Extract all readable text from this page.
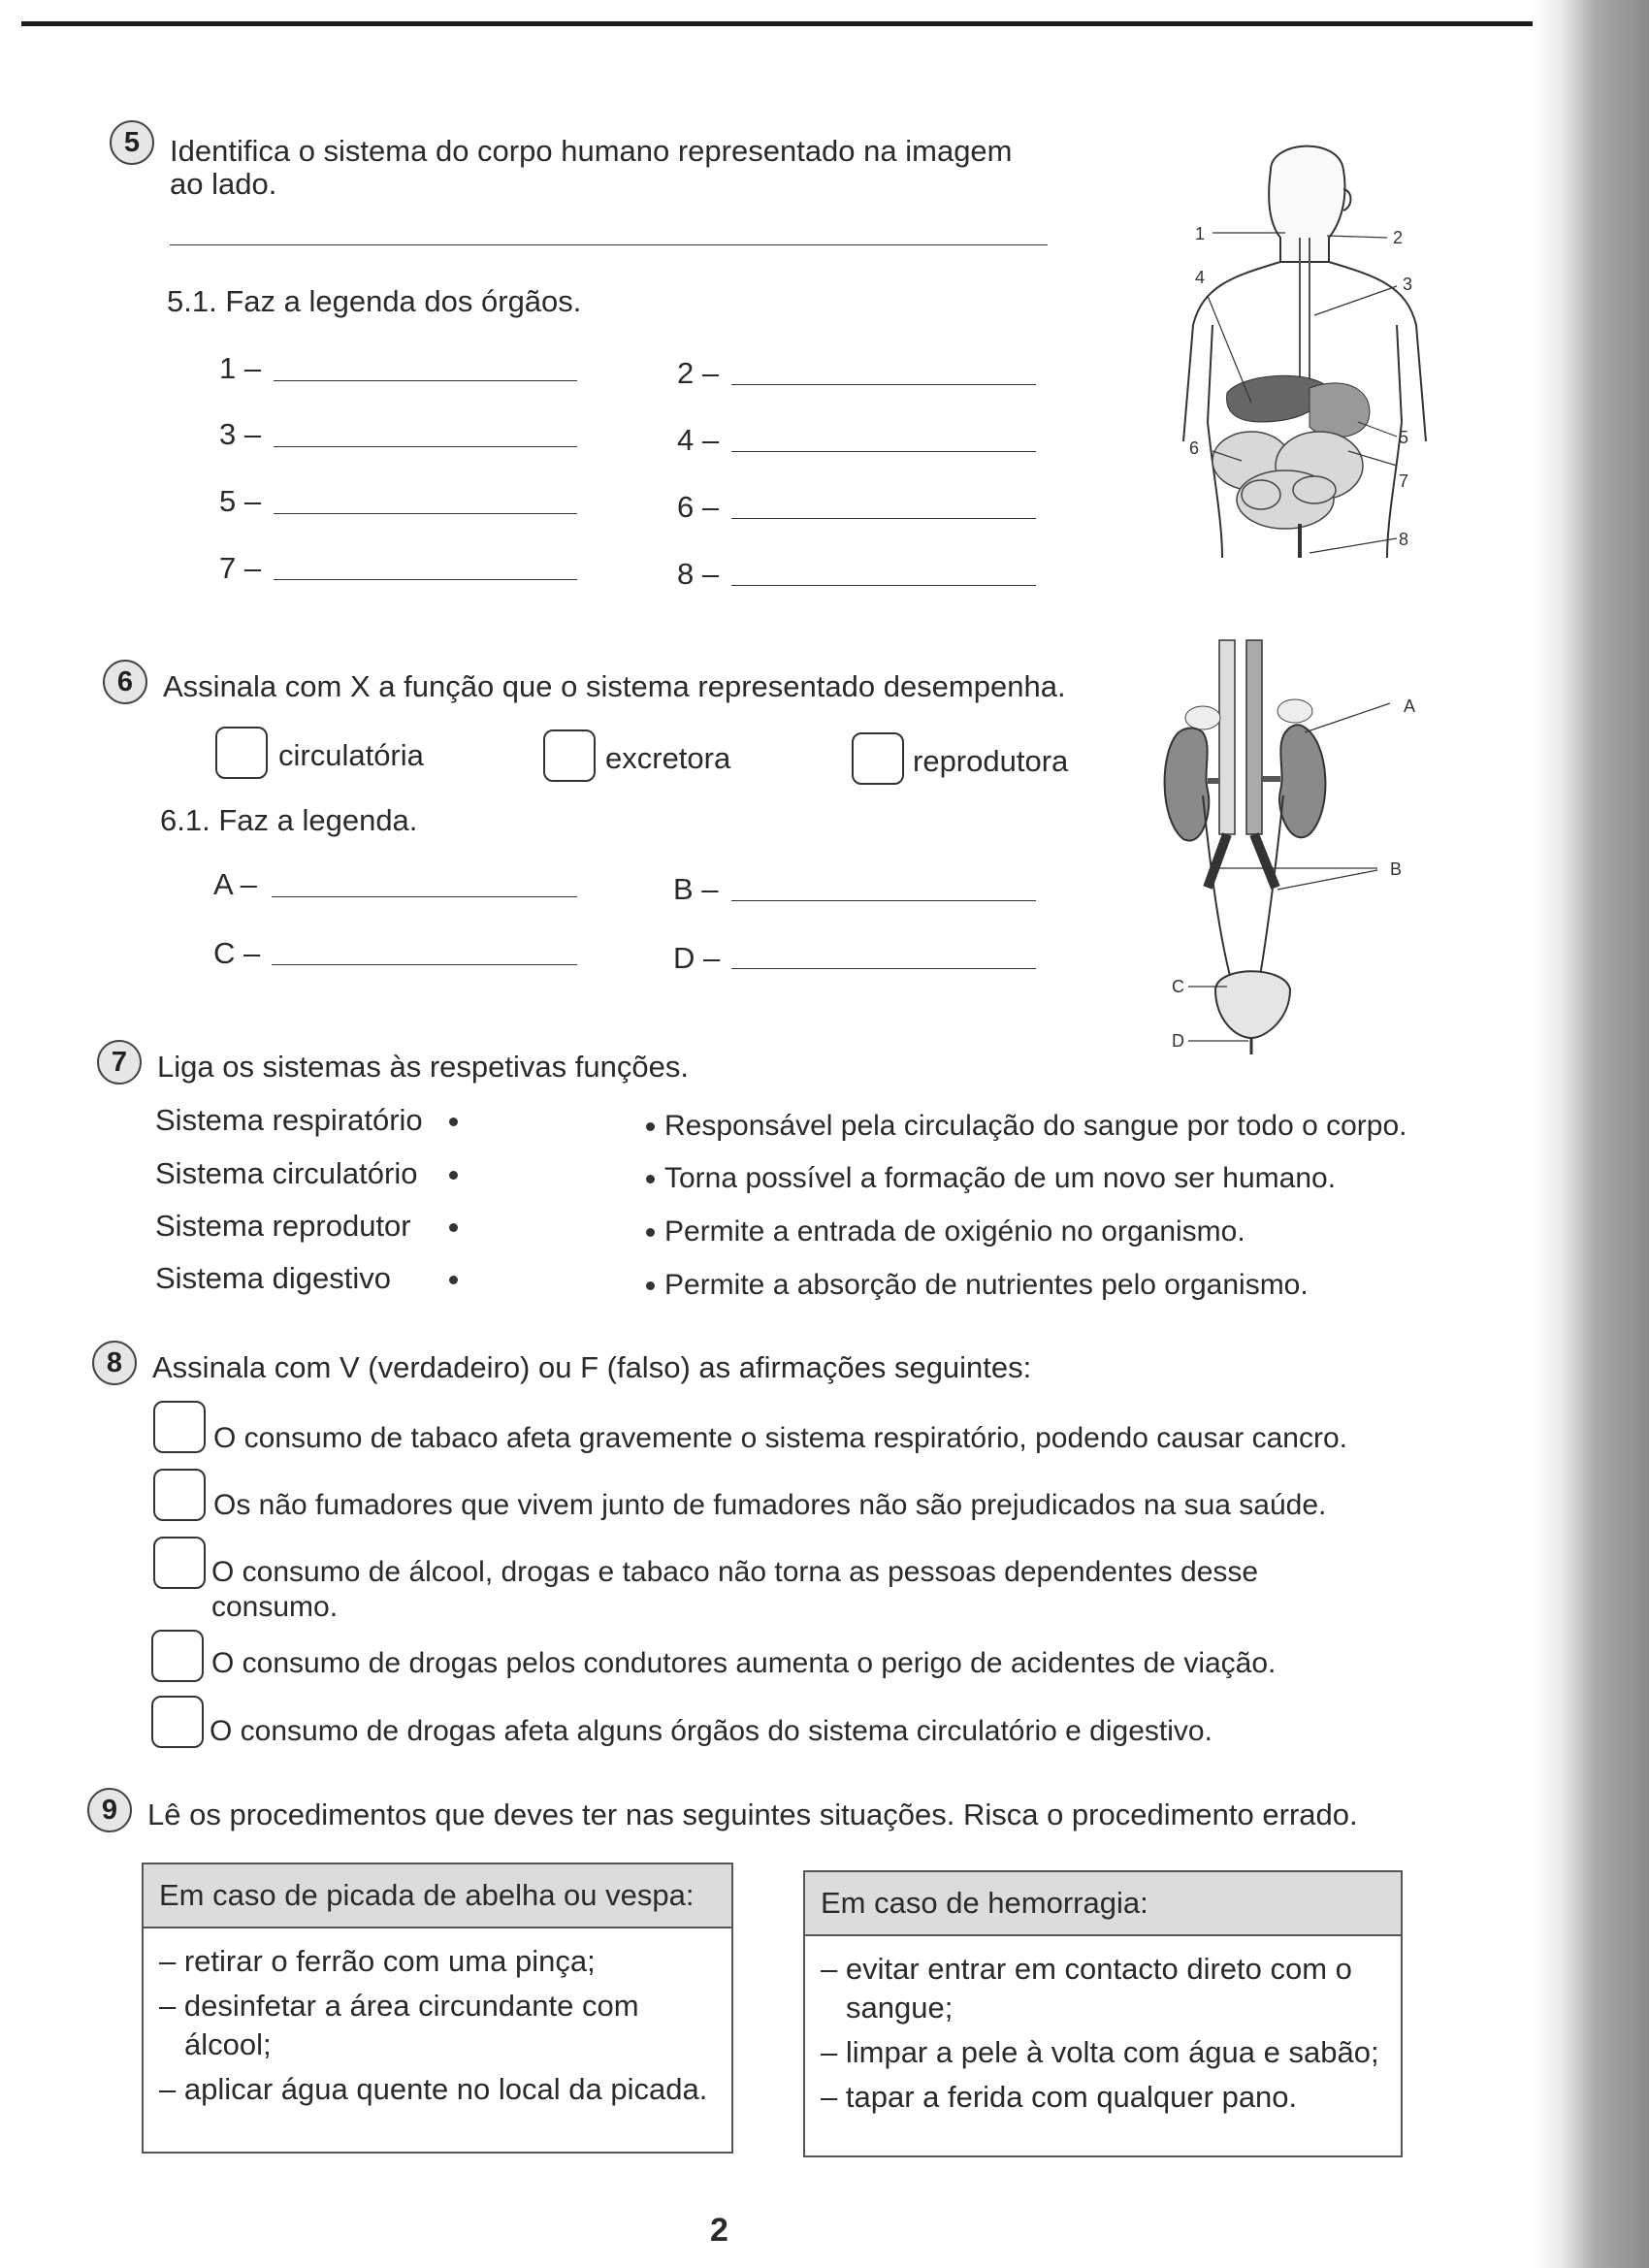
5 Identifica o sistema do corpo humano representado na imagem
ao lado.
5.1. Faz a legenda dos órgãos.
1 –	2 –
3 –	4 –
5 –	6 –
7 –	8 –
1	2
3
4
5
6
7
8
6 Assinala com X a função que o sistema representado desempenha.
circulatória	excretora	reprodutora
6.1. Faz a legenda.
A –	B –
C –	D –
A
B
C
D
7 Liga os sistemas às respetivas funções.
Sistema respiratório
Sistema circulatório
Sistema reprodutor
Sistema digestivo
Responsável pela circulação do sangue por todo o corpo.
Torna possível a formação de um novo ser humano.
Permite a entrada de oxigénio no organismo.
Permite a absorção de nutrientes pelo organismo.
8 Assinala com V (verdadeiro) ou F (falso) as afirmações seguintes:
O consumo de tabaco afeta gravemente o sistema respiratório, podendo causar cancro.
Os não fumadores que vivem junto de fumadores não são prejudicados na sua saúde.
O consumo de álcool, drogas e tabaco não torna as pessoas dependentes desse
consumo.
O consumo de drogas pelos condutores aumenta o perigo de acidentes de viação.
O consumo de drogas afeta alguns órgãos do sistema circulatório e digestivo.
9 Lê os procedimentos que deves ter nas seguintes situações. Risca o procedimento errado.
Em caso de picada de abelha ou vespa:

– retirar o ferrão com uma pinça;

– desinfetar a área circundante com álcool;

– aplicar água quente no local da picada.

Em caso de hemorragia:

– evitar entrar em contacto direto com o sangue;

– limpar a pele à volta com água e sabão;

– tapar a ferida com qualquer pano.

2
